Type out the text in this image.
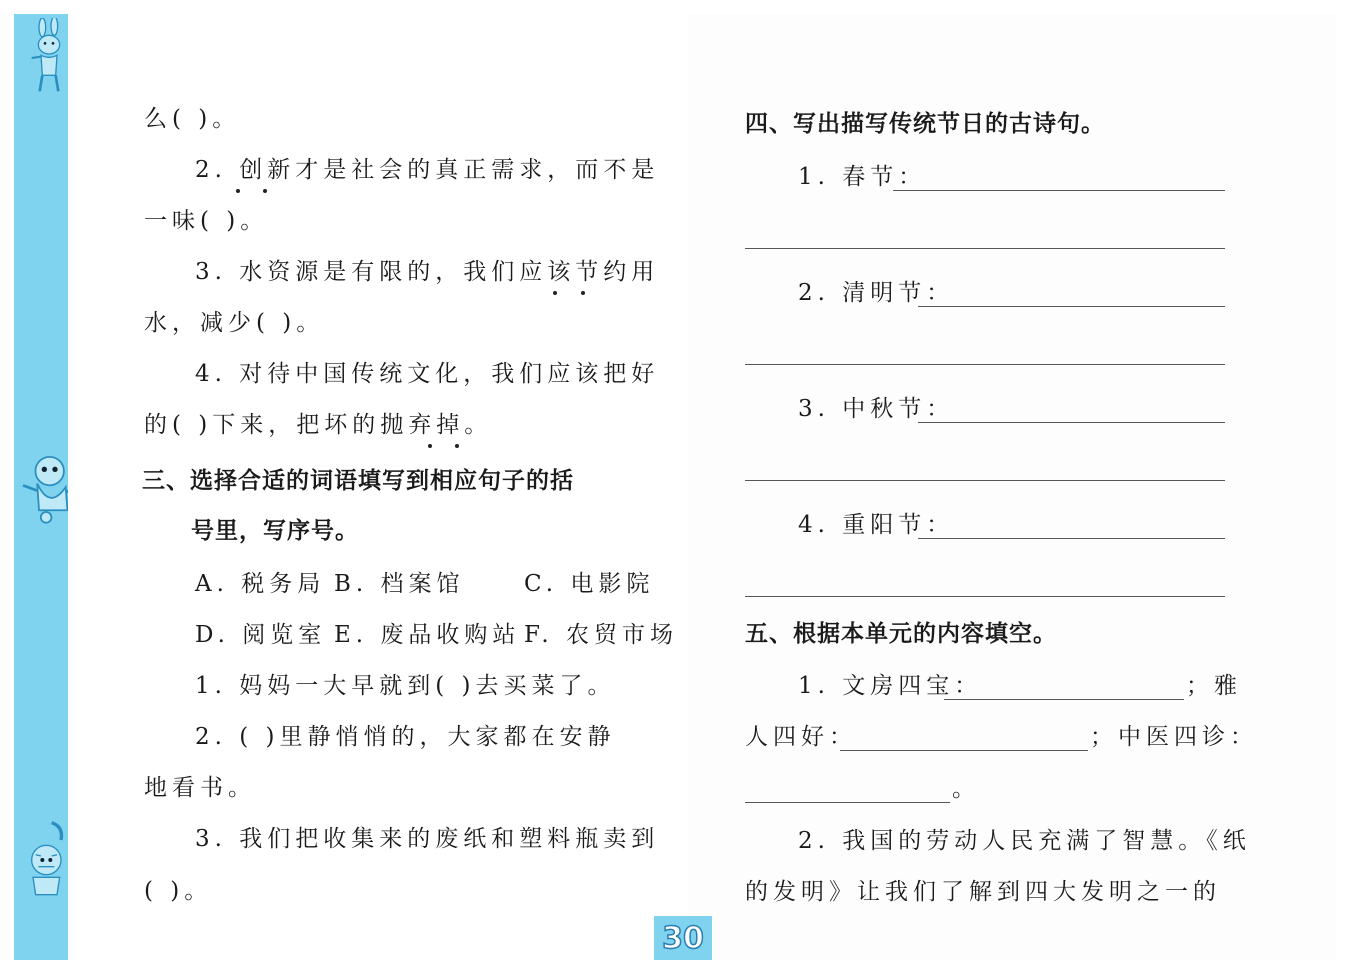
么( )。
2. 创新才是社会的真正需求，而不是
一味( )。
3. 水资源是有限的，我们应该节约用
水，减少( )。
4. 对待中国传统文化，我们应该把好
的( )下来，把坏的抛弃掉。
三、选择合适的词语填写到相应句子的括
号里，写序号。
A. 税务局 B. 档案馆	C. 电影院
D. 阅览室 E. 废品收购站 F. 农贸市场
1. 妈妈一大早就到( )去买菜了。
2. ( )里静悄悄的，大家都在安静
地看书。
3. 我们把收集来的废纸和塑料瓶卖到
( )。
四、写出描写传统节日的古诗句。
1. 春节：
2. 清明节：
3. 中秋节：
4. 重阳节：
五、根据本单元的内容填空。
1. 文房四宝：	；雅
人四好：	；中医四诊：
。
2. 我国的劳动人民充满了智慧。《纸
的发明》让我们了解到四大发明之一的
30
